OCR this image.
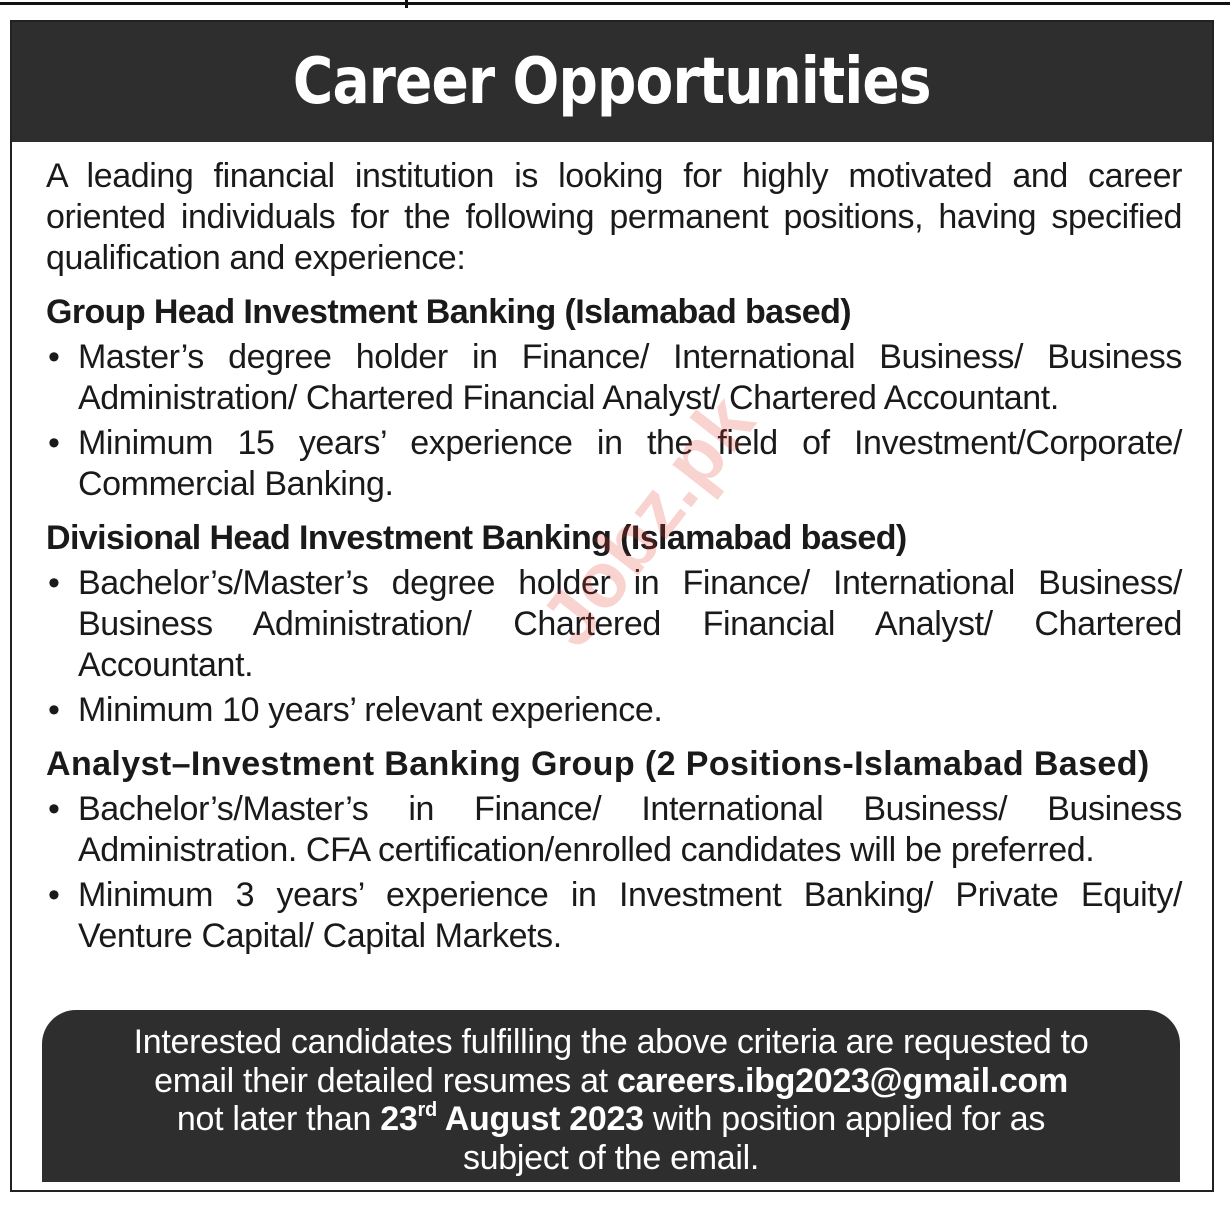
Career Opportunities

A leading financial institution is looking for highly motivated and career oriented individuals for the following permanent positions, having specified qualification and experience:

Group Head Investment Banking (Islamabad based)
• Master’s degree holder in Finance/ International Business/ Business Administration/ Chartered Financial Analyst/ Chartered Accountant.
• Minimum 15 years’ experience in the field of Investment/Corporate/ Commercial Banking.
Divisional Head Investment Banking (Islamabad based)
• Bachelor’s/Master’s degree holder in Finance/ International Business/ Business Administration/ Chartered Financial Analyst/ Chartered Accountant.
• Minimum 10 years’ relevant experience.
Analyst–Investment Banking Group (2 Positions-Islamabad Based)
• Bachelor’s/Master’s in Finance/ International Business/ Business Administration. CFA certification/enrolled candidates will be preferred.
• Minimum 3 years’ experience in Investment Banking/ Private Equity/ Venture Capital/ Capital Markets.
Interested candidates fulfilling the above criteria are requested to
email their detailed resumes at careers.ibg2023@gmail.com
not later than 23rd August 2023 with position applied for as
subject of the email.
Jobz.pk
